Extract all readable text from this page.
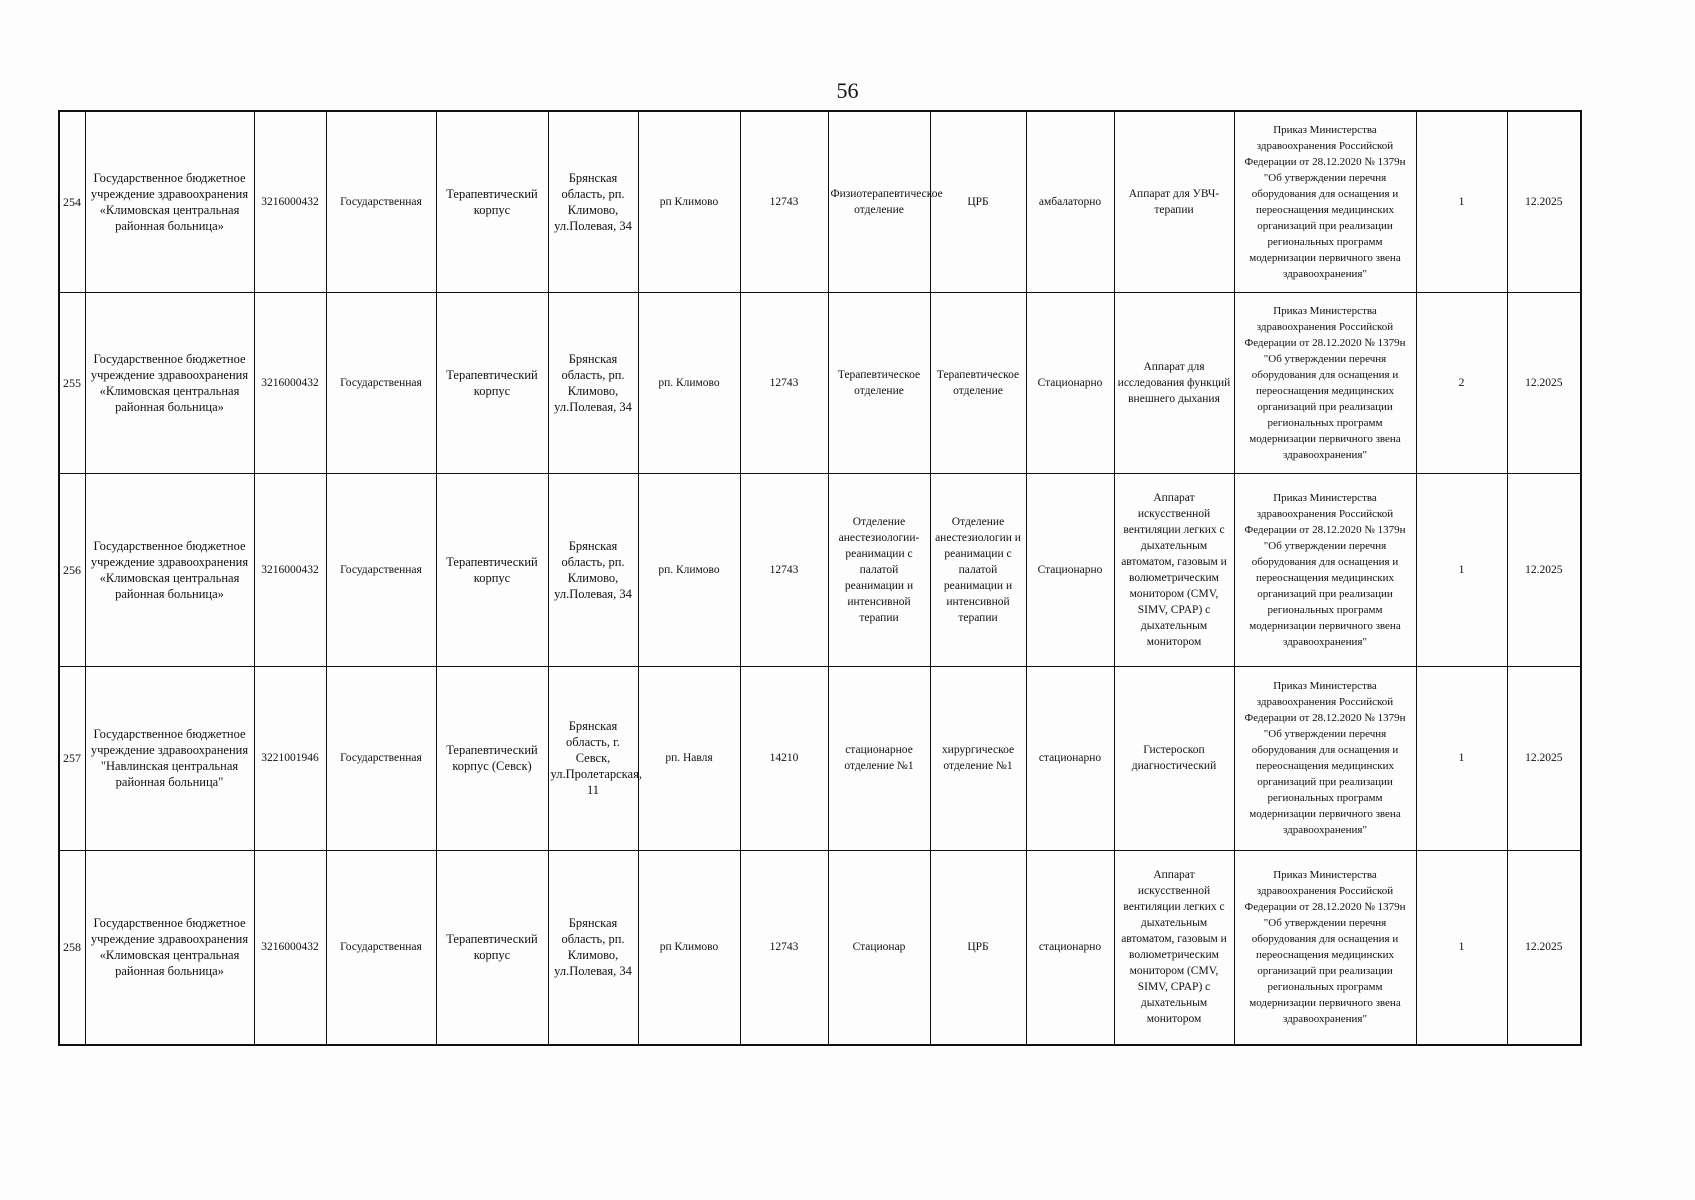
56
254	Государственное бюджетное учреждение здравоохранения «Климовская центральная районная больница»	3216000432	Государственная	Терапевтический корпус	Брянская область, рп. Климово, ул.Полевая, 34	рп Климово	12743	Физиотерапевтическое отделение	ЦРБ	амбалаторно	Аппарат для УВЧ-терапии	Приказ Министерства здравоохранения Российской Федерации от 28.12.2020 № 1379н "Об утверждении перечня оборудования для оснащения и переоснащения медицинских организаций при реализации региональных программ модернизации первичного звена здравоохранения"	1	12.2025
255	Государственное бюджетное учреждение здравоохранения «Климовская центральная районная больница»	3216000432	Государственная	Терапевтический корпус	Брянская область, рп. Климово, ул.Полевая, 34	рп. Климово	12743	Терапевтическое отделение	Терапевтическое отделение	Стационарно	Аппарат для исследования функций внешнего дыхания	Приказ Министерства здравоохранения Российской Федерации от 28.12.2020 № 1379н "Об утверждении перечня оборудования для оснащения и переоснащения медицинских организаций при реализации региональных программ модернизации первичного звена здравоохранения"	2	12.2025
256	Государственное бюджетное учреждение здравоохранения «Климовская центральная районная больница»	3216000432	Государственная	Терапевтический корпус	Брянская область, рп. Климово, ул.Полевая, 34	рп. Климово	12743	Отделение анестезиологии-реанимации с палатой реанимации и интенсивной терапии	Отделение анестезиологии и реанимации с палатой реанимации и интенсивной терапии	Стационарно	Аппарат искусственной вентиляции легких с дыхательным автоматом, газовым и волюметрическим монитором (CMV, SIMV, CPAP) с дыхательным монитором	Приказ Министерства здравоохранения Российской Федерации от 28.12.2020 № 1379н "Об утверждении перечня оборудования для оснащения и переоснащения медицинских организаций при реализации региональных программ модернизации первичного звена здравоохранения"	1	12.2025
257	Государственное бюджетное учреждение здравоохранения "Навлинская центральная районная больница"	3221001946	Государственная	Терапевтический корпус (Севск)	Брянская область, г. Севск, ул.Пролетарская, 11	рп. Навля	14210	стационарное отделение №1	хирургическое отделение №1	стационарно	Гистероскоп диагностический	Приказ Министерства здравоохранения Российской Федерации от 28.12.2020 № 1379н "Об утверждении перечня оборудования для оснащения и переоснащения медицинских организаций при реализации региональных программ модернизации первичного звена здравоохранения"	1	12.2025
258	Государственное бюджетное учреждение здравоохранения «Климовская центральная районная больница»	3216000432	Государственная	Терапевтический корпус	Брянская область, рп. Климово, ул.Полевая, 34	рп Климово	12743	Стационар	ЦРБ	стационарно	Аппарат искусственной вентиляции легких с дыхательным автоматом, газовым и волюметрическим монитором (CMV, SIMV, CPAP) с дыхательным монитором	Приказ Министерства здравоохранения Российской Федерации от 28.12.2020 № 1379н "Об утверждении перечня оборудования для оснащения и переоснащения медицинских организаций при реализации региональных программ модернизации первичного звена здравоохранения"	1	12.2025
